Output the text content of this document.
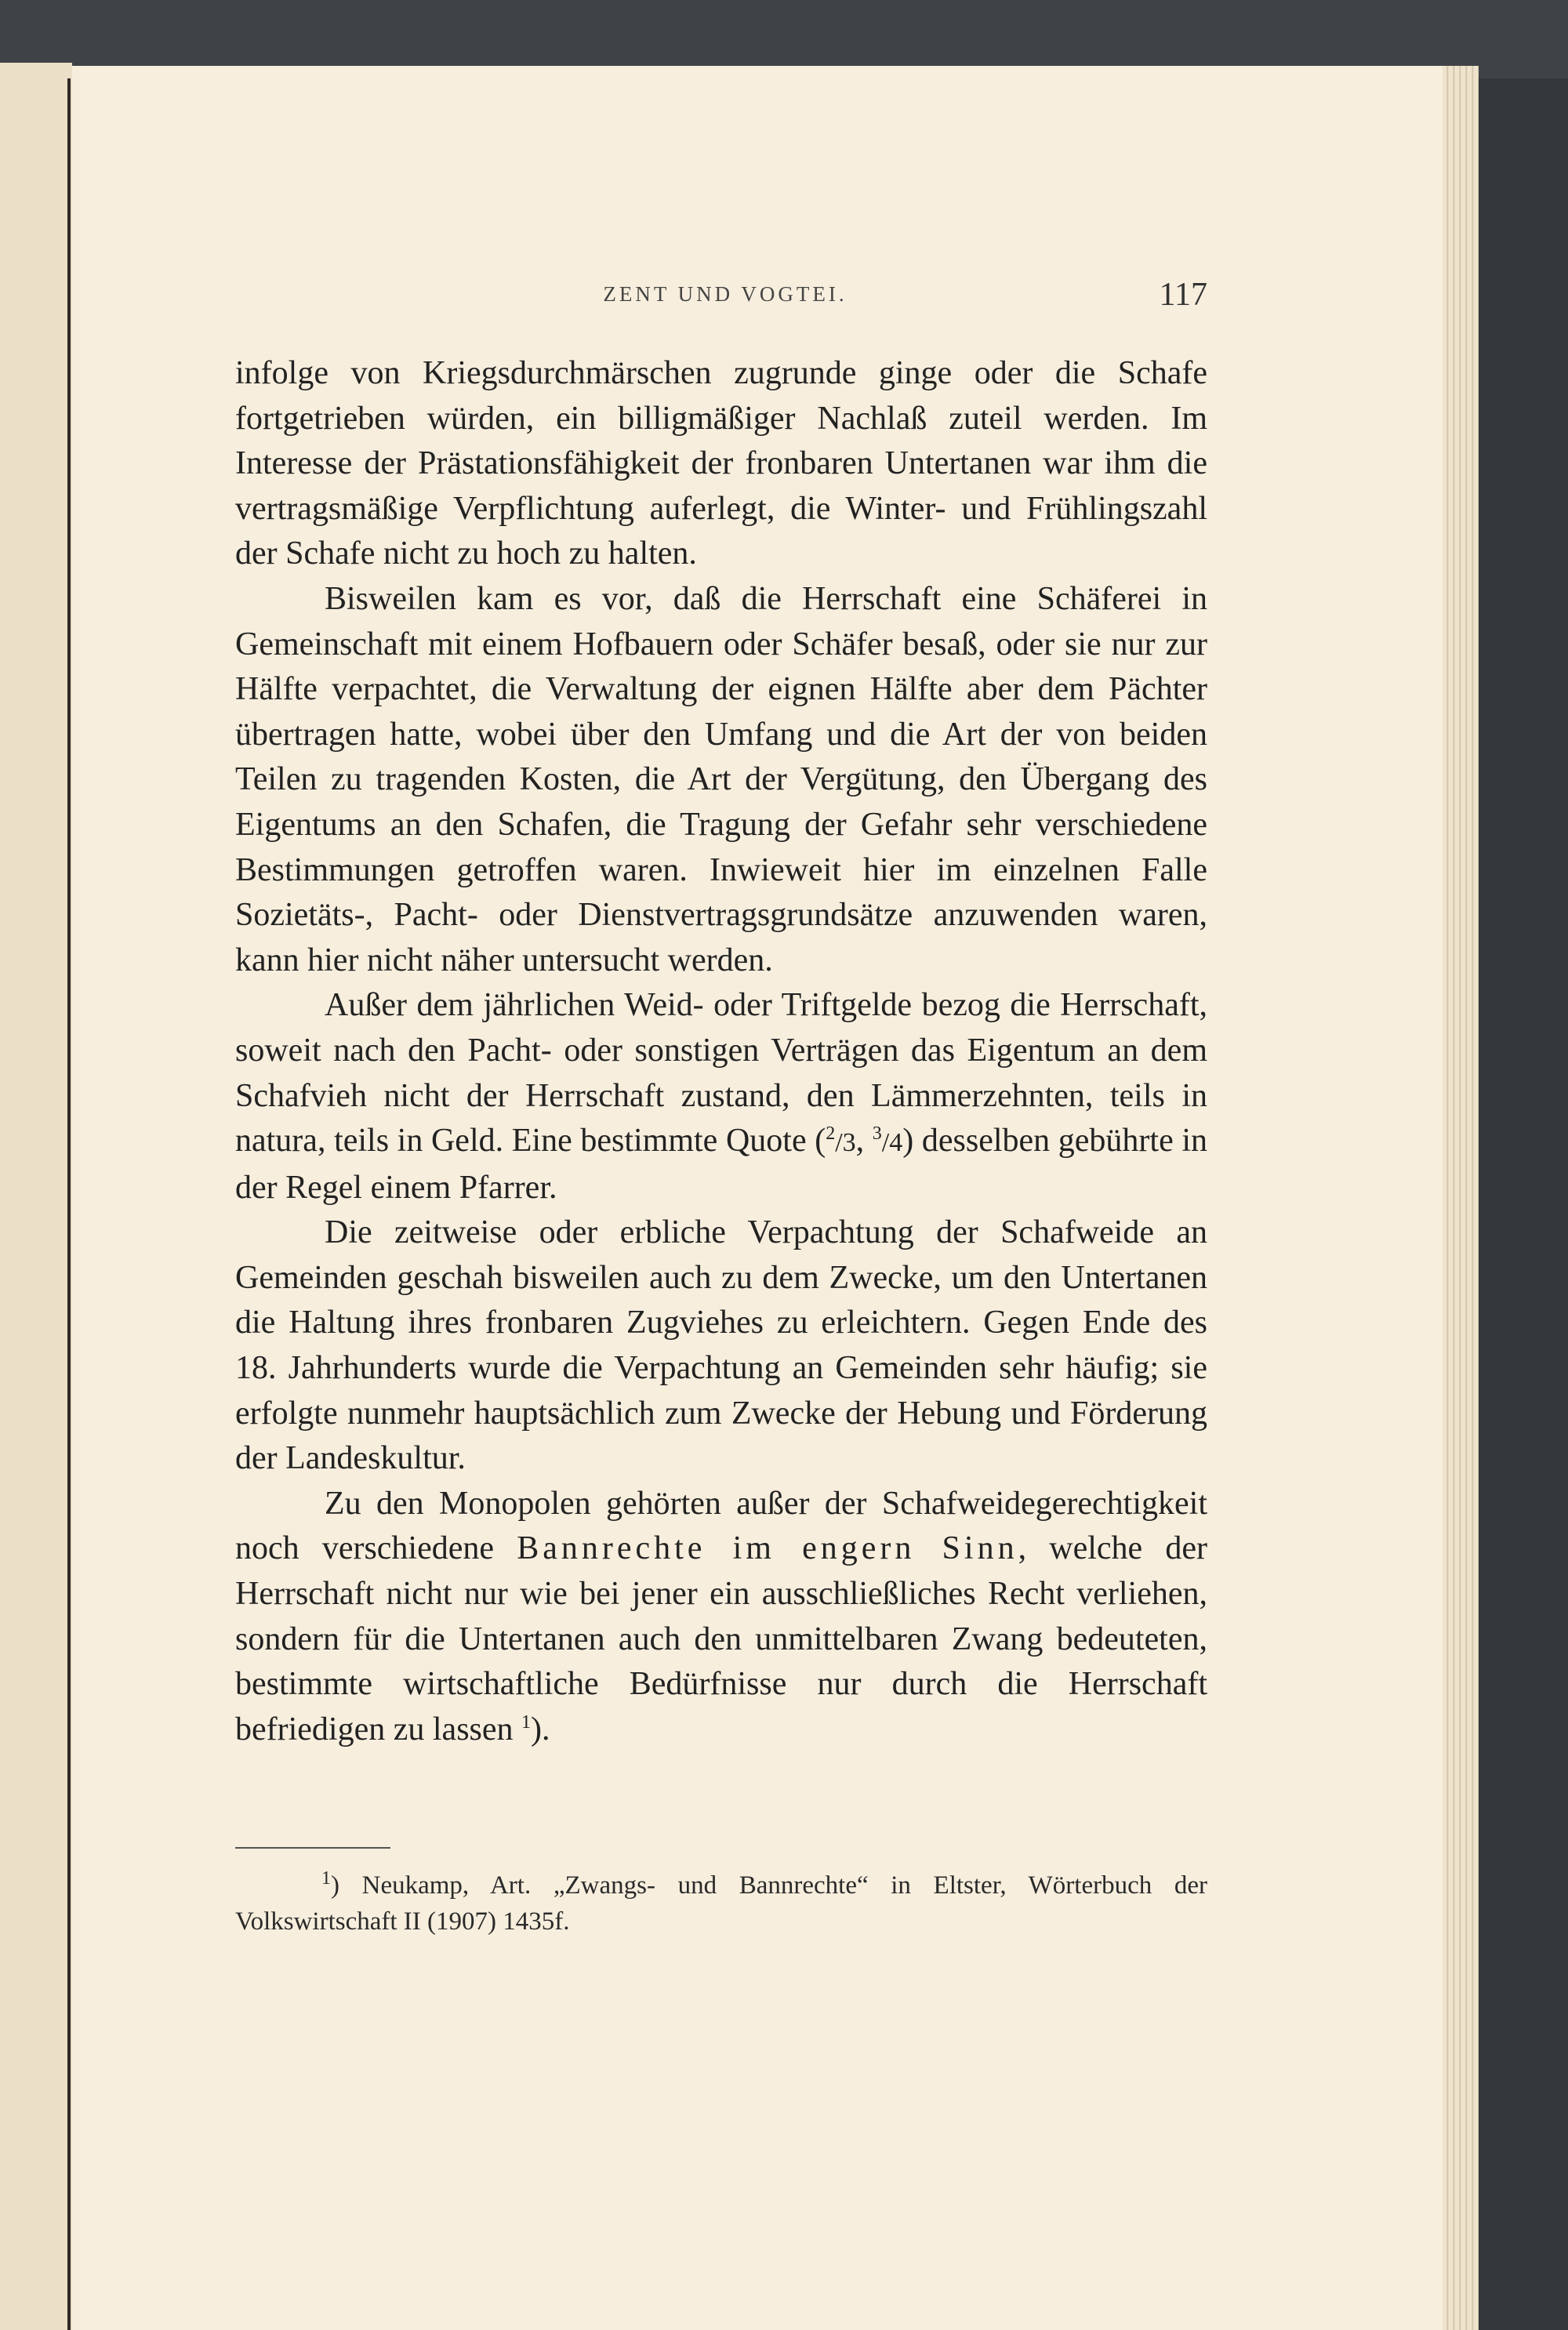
ZENT UND VOGTEI.	117

infolge von Kriegsdurchmärschen zugrunde ginge oder die Schafe fortgetrieben würden, ein billigmäßiger Nachlaß zuteil werden. Im Interesse der Prästationsfähigkeit der fronbaren Untertanen war ihm die vertragsmäßige Verpflichtung auferlegt, die Winter- und Frühlingszahl der Schafe nicht zu hoch zu halten.

Bisweilen kam es vor, daß die Herrschaft eine Schäferei in Gemeinschaft mit einem Hofbauern oder Schäfer besaß, oder sie nur zur Hälfte verpachtet, die Verwaltung der eignen Hälfte aber dem Pächter übertragen hatte, wobei über den Umfang und die Art der von beiden Teilen zu tragenden Kosten, die Art der Vergütung, den Übergang des Eigentums an den Schafen, die Tragung der Gefahr sehr verschiedene Bestimmungen getroffen waren. Inwieweit hier im einzelnen Falle Sozietäts-, Pacht- oder Dienstvertragsgrundsätze anzuwenden waren, kann hier nicht näher untersucht werden.

Außer dem jährlichen Weid- oder Triftgelde bezog die Herrschaft, soweit nach den Pacht- oder sonstigen Verträgen das Eigentum an dem Schafvieh nicht der Herrschaft zustand, den Lämmerzehnten, teils in natura, teils in Geld. Eine bestimmte Quote ($^2$/3, $^3$/4) desselben gebührte in der Regel einem Pfarrer.

Die zeitweise oder erbliche Verpachtung der Schafweide an Gemeinden geschah bisweilen auch zu dem Zwecke, um den Untertanen die Haltung ihres fronbaren Zugviehes zu erleichtern. Gegen Ende des 18. Jahrhunderts wurde die Verpachtung an Gemeinden sehr häufig; sie erfolgte nunmehr hauptsächlich zum Zwecke der Hebung und Förderung der Landeskultur.

Zu den Monopolen gehörten außer der Schafweidegerechtigkeit noch verschiedene Bannrechte im engern Sinn, welche der Herrschaft nicht nur wie bei jener ein ausschließliches Recht verliehen, sondern für die Untertanen auch den unmittelbaren Zwang bedeuteten, bestimmte wirtschaftliche Bedürfnisse nur durch die Herrschaft befriedigen zu lassen $^1$).

$^1$) Neukamp, Art. „Zwangs- und Bannrechte“ in Eltster, Wörterbuch der Volkswirtschaft II (1907) 1435f.
